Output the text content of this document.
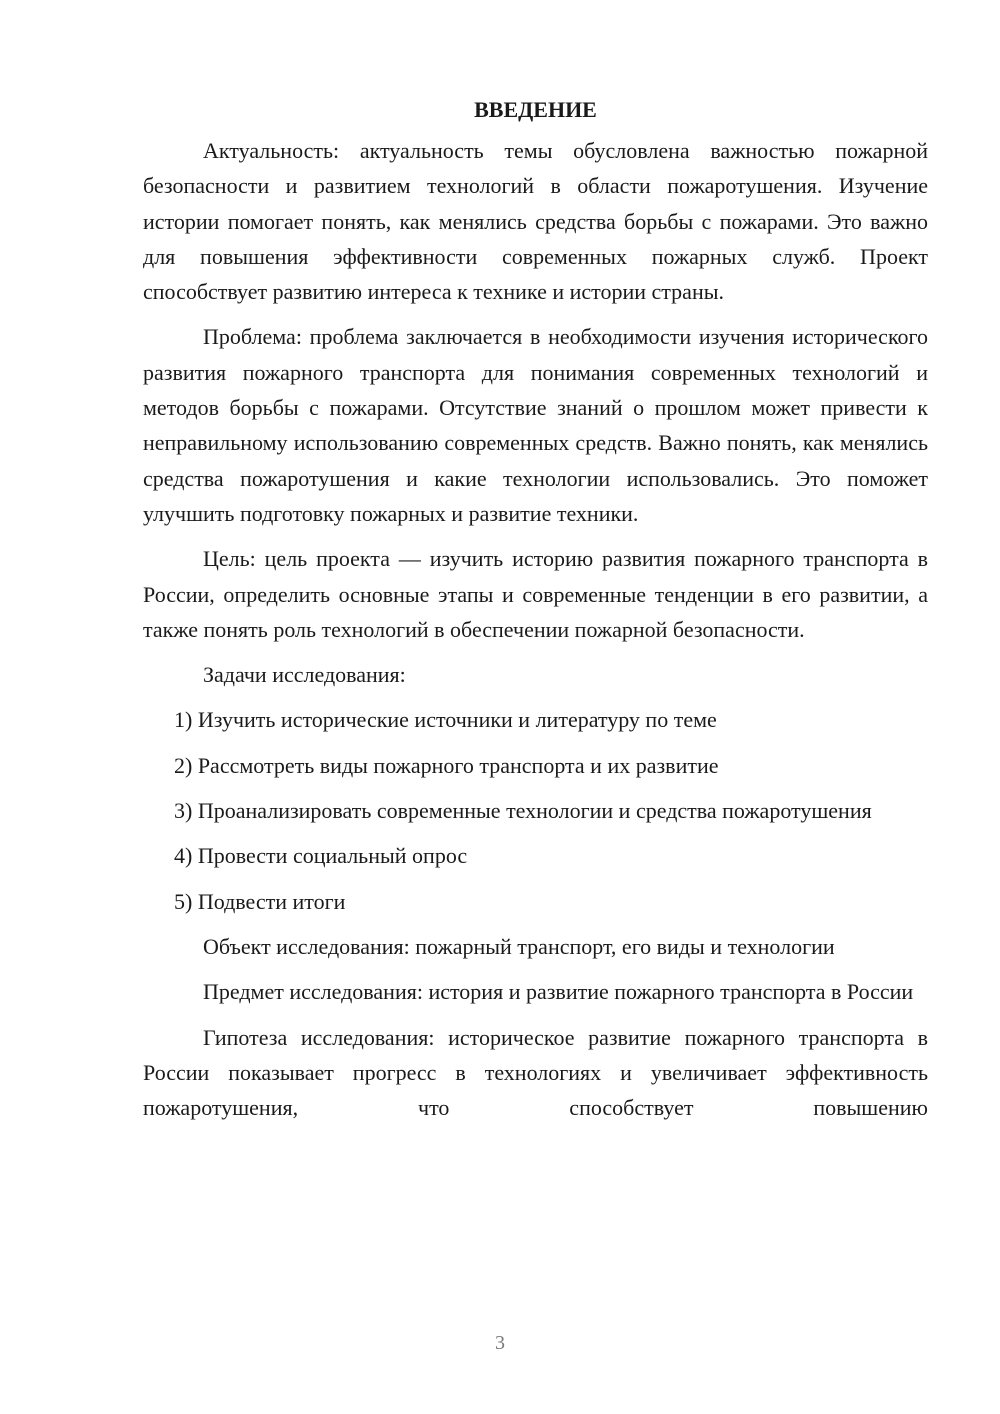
ВВЕДЕНИЕ

Актуальность: актуальность темы обусловлена важностью пожарной безопасности и развитием технологий в области пожаротушения. Изучение истории помогает понять, как менялись средства борьбы с пожарами. Это важно для повышения эффективности современных пожарных служб. Проект способствует развитию интереса к технике и истории страны.

Проблема: проблема заключается в необходимости изучения исторического развития пожарного транспорта для понимания современных технологий и методов борьбы с пожарами. Отсутствие знаний о прошлом может привести к неправильному использованию современных средств. Важно понять, как менялись средства пожаротушения и какие технологии использовались. Это поможет улучшить подготовку пожарных и развитие техники.

Цель: цель проекта — изучить историю развития пожарного транспорта в России, определить основные этапы и современные тенденции в его развитии, а также понять роль технологий в обеспечении пожарной безопасности.

Задачи исследования:

1) Изучить исторические источники и литературу по теме

2) Рассмотреть виды пожарного транспорта и их развитие

3) Проанализировать современные технологии и средства пожаротушения

4) Провести социальный опрос

5) Подвести итоги

Объект исследования: пожарный транспорт, его виды и технологии

Предмет исследования: история и развитие пожарного транспорта в России

Гипотеза исследования: историческое развитие пожарного транспорта в России показывает прогресс в технологиях и увеличивает эффективность пожаротушения, что способствует повышению

3
